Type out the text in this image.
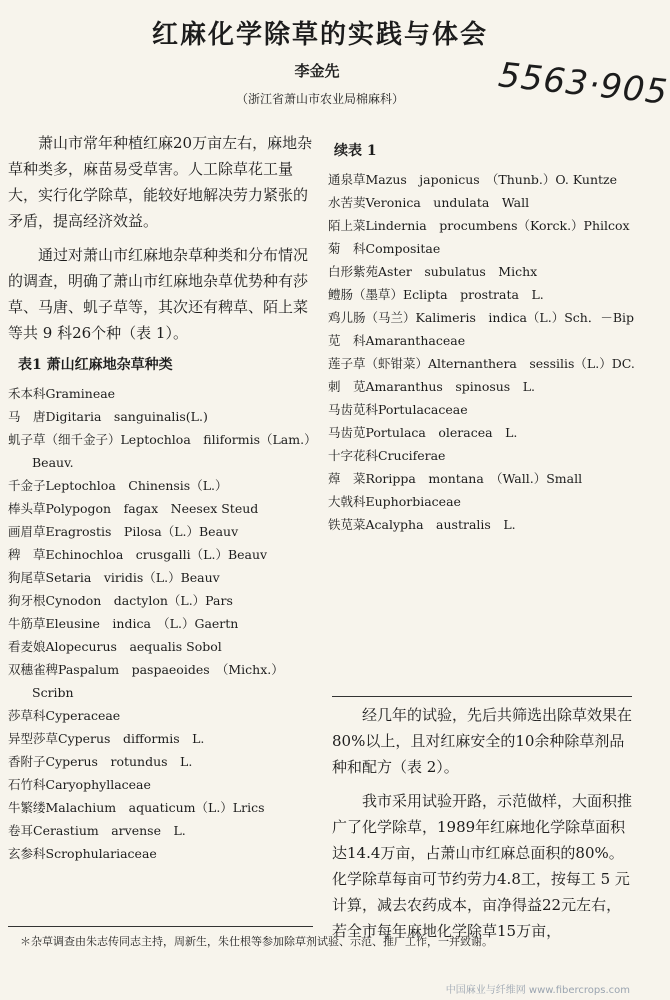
红麻化学除草的实践与体会
李金先
（浙江省萧山市农业局棉麻科）	5563·905

萧山市常年种植红麻20万亩左右，麻地杂草种类多，麻苗易受草害。人工除草花工量大，实行化学除草，能较好地解决劳力紧张的矛盾，提高经济效益。

通过对萧山市红麻地杂草种类和分布情况的调查，明确了萧山市红麻地杂草优势种有莎草、马唐、虮子草等，其次还有稗草、陌上菜等共 9 科26个种（表 1）。

表1 萧山红麻地杂草种类
禾本科Gramineae
马　唐Digitaria　sanguinalis(L.)
虮子草（细千金子）Leptochloa　filiformis（Lam.）Beauv.
千金子Leptochloa　Chinensis（L.）
棒头草Polypogon　fagax　Neesex Steud
画眉草Eragrostis　Pilosa（L.）Beauv
稗　草Echinochloa　crusgalli（L.）Beauv
狗尾草Setaria　viridis（L.）Beauv
狗牙根Cynodon　dactylon（L.）Pars
牛筋草Eleusine　indica　（L.）Gaertn
看麦娘Alopecurus　aequalis Sobol
双穗雀稗Paspalum　paspaeoides　（Michx.）Scribn
莎草科Cyperaceae
异型莎草Cyperus　difformis　L.
香附子Cyperus　rotundus　L.
石竹科Caryophyllaceae
牛繁缕Malachium　aquaticum（L.）Lrics
卷耳Cerastium　arvense　L.
玄参科Scrophulariaceae
续表 1
通泉草Mazus　japonicus　（Thunb.）O. Kuntze
水苦荬Veronica　undulata　Wall
陌上菜Lindernia　procumbens（Korck.）Philcox
菊　科Compositae
白形紫苑Aster　subulatus　Michx
鳢肠（墨草）Eclipta　prostrata　L.
鸡儿肠（马兰）Kalimeris　indica（L.）Sch．－Bip
苋　科Amaranthaceae
莲子草（虾钳菜）Alternanthera　sessilis（L.）DC.
刺　苋Amaranthus　spinosus　L.
马齿苋科Portulacaceae
马齿苋Portulaca　oleracea　L.
十字花科Cruciferae
蔊　菜Rorippa　montana　（Wall.）Small
大戟科Euphorbiaceae
铁苋菜Acalypha　australis　L.

经几年的试验，先后共筛选出除草效果在80%以上，且对红麻安全的10余种除草剂品种和配方（表 2）。

我市采用试验开路，示范做样，大面积推广了化学除草，1989年红麻地化学除草面积达14.4万亩，占萧山市红麻总面积的80%。化学除草每亩可节约劳力4.8工，按每工 5 元计算，减去农药成本，亩净得益22元左右，若全市每年麻地化学除草15万亩，

＊杂草调查由朱志传同志主持，周新生，朱仕根等参加除草剂试验、示范、推广工作，一并致谢。
中国麻业与纤维网 www.fibercrops.com
